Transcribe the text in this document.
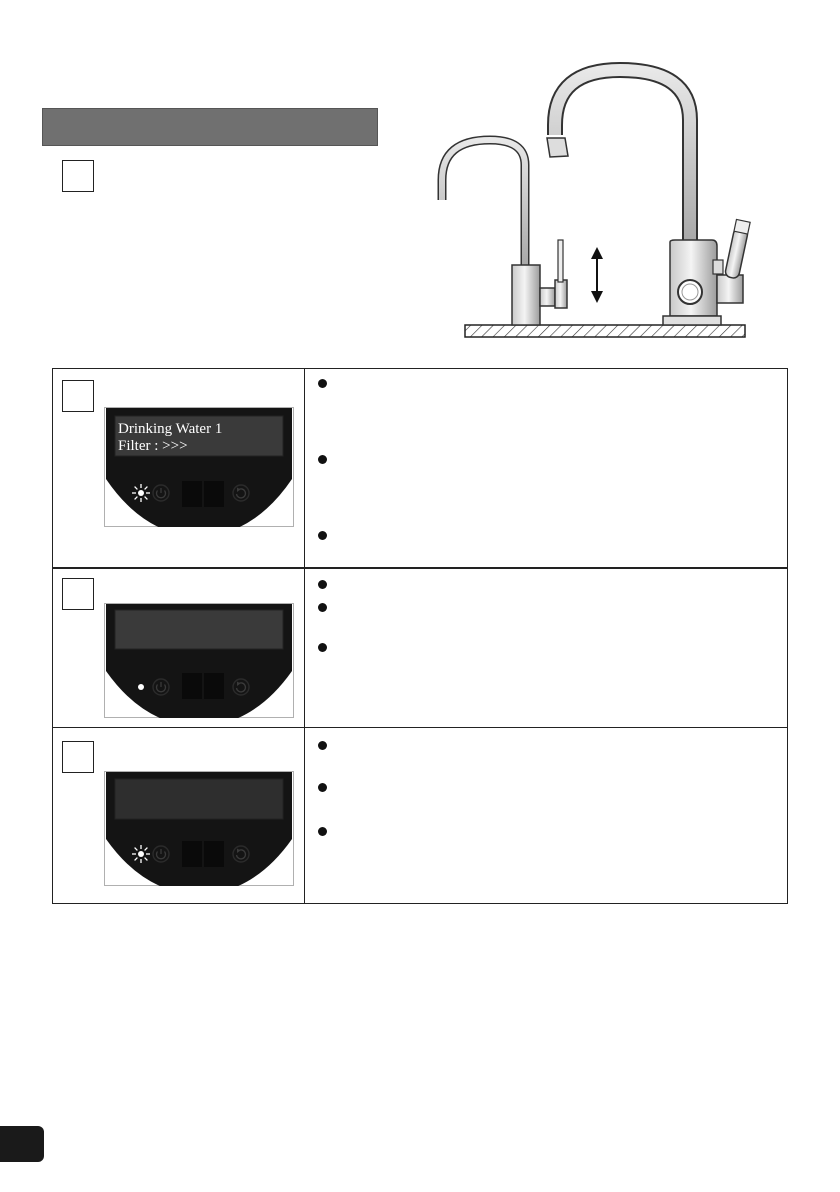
Drinking Water 1
Filter : >>>
